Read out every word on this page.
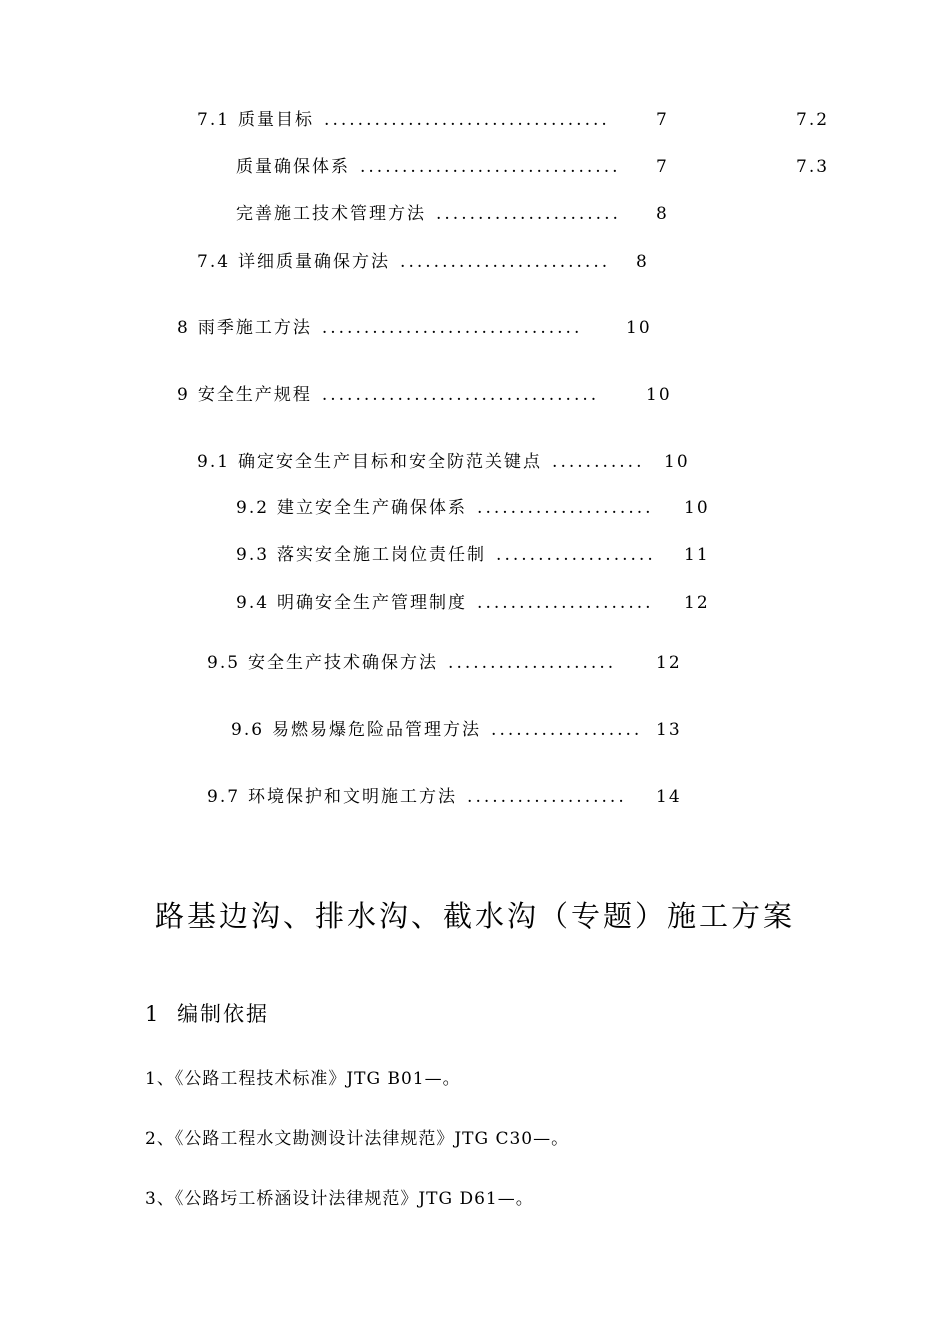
7.1 质量目标 ..................................	7	7.2
质量确保体系 ............................... 7	7.3
完善施工技术管理方法 ...................... 8
7.4 详细质量确保方法 ......................... 8
8 雨季施工方法 ...............................	10
9 安全生产规程 .................................	10
9.1 确定安全生产目标和安全防范关键点 ........... 10
9.2 建立安全生产确保体系 ..................... 10
9.3 落实安全施工岗位责任制 ................... 11
9.4 明确安全生产管理制度 ..................... 12
9.5 安全生产技术确保方法 .................... 12
9.6 易燃易爆危险品管理方法 .................. 13
9.7 环境保护和文明施工方法 ................... 14
路基边沟、排水沟、截水沟（专题）施工方案
1 编制依据
1、《公路工程技术标准》JTG B01—。
2、《公路工程水文勘测设计法律规范》JTG C30—。
3、《公路圬工桥涵设计法律规范》JTG D61—。
